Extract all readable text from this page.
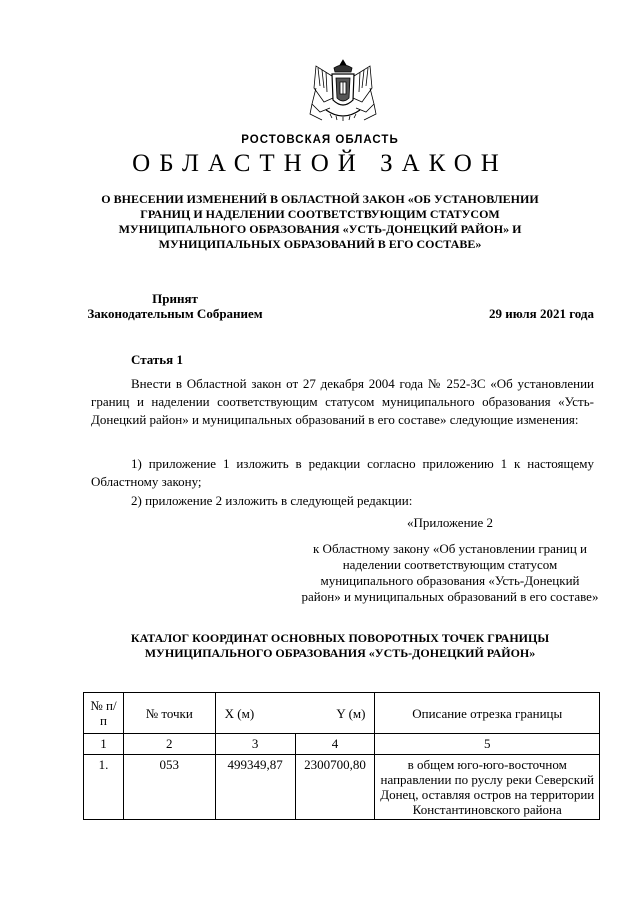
РОСТОВСКАЯ ОБЛАСТЬ
ОБЛАСТНОЙ ЗАКОН
О ВНЕСЕНИИ ИЗМЕНЕНИЙ В ОБЛАСТНОЙ ЗАКОН «ОБ УСТАНОВЛЕНИИ ГРАНИЦ И НАДЕЛЕНИИ СООТВЕТСТВУЮЩИМ СТАТУСОМ МУНИЦИПАЛЬНОГО ОБРАЗОВАНИЯ «УСТЬ-ДОНЕЦКИЙ РАЙОН» И МУНИЦИПАЛЬНЫХ ОБРАЗОВАНИЙ В ЕГО СОСТАВЕ»
Принят
Законодательным Собранием	29 июля 2021 года
Статья 1
Внести в Областной закон от 27 декабря 2004 года № 252-ЗС «Об установлении границ и наделении соответствующим статусом муниципального образования «Усть-Донецкий район» и муниципальных образований в его составе» следующие изменения:
1) приложение 1 изложить в редакции согласно приложению 1 к настоящему Областному закону;
2) приложение 2 изложить в следующей редакции:
«Приложение 2
к Областному закону «Об установлении границ и наделении соответствующим статусом муниципального образования «Усть-Донецкий район» и муниципальных образований в его составе»
КАТАЛОГ КООРДИНАТ ОСНОВНЫХ ПОВОРОТНЫХ ТОЧЕК ГРАНИЦЫ МУНИЦИПАЛЬНОГО ОБРАЗОВАНИЯ «УСТЬ-ДОНЕЦКИЙ РАЙОН»
№ п/п	№ точки	X (м) Y (м)		Описание отрезка границы
1	2	3	4	5
1.	053	499349,87	2300700,80	в общем юго-юго-восточном направлении по руслу реки Северский Донец, оставляя остров на территории Константиновского района
